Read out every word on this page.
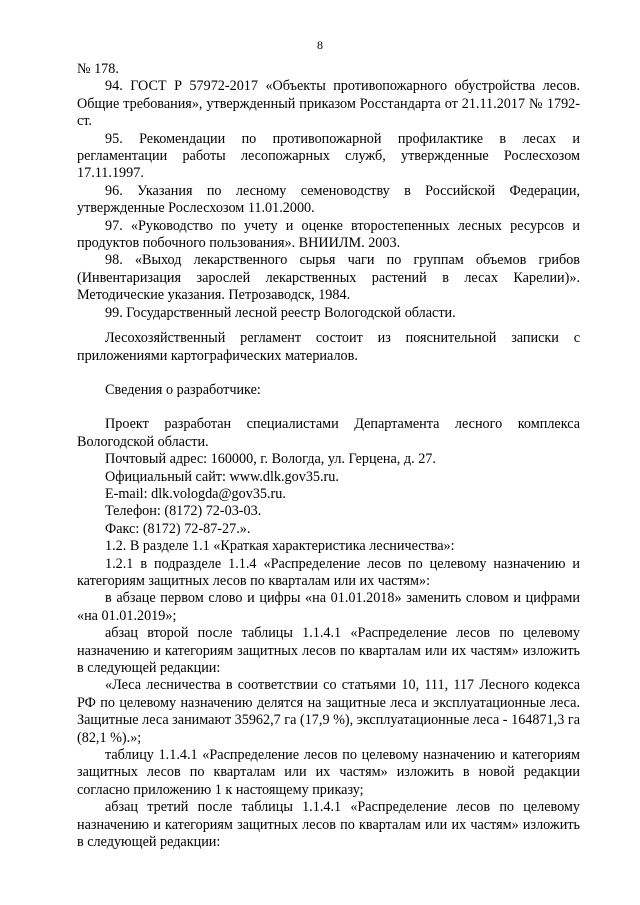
8

№ 178.

94. ГОСТ Р 57972-2017 «Объекты противопожарного обустройства лесов. Общие требования», утвержденный приказом Росстандарта от 21.11.2017 № 1792-ст.

95. Рекомендации по противопожарной профилактике в лесах и регламентации работы лесопожарных служб, утвержденные Рослесхозом 17.11.1997.

96. Указания по лесному семеноводству в Российской Федерации, утвержденные Рослесхозом 11.01.2000.

97. «Руководство по учету и оценке второстепенных лесных ресурсов и продуктов побочного пользования». ВНИИЛМ. 2003.

98. «Выход лекарственного сырья чаги по группам объемов грибов (Инвентаризация зарослей лекарственных растений в лесах Карелии)». Методические указания. Петрозаводск, 1984.

99. Государственный лесной реестр Вологодской области.

Лесохозяйственный регламент состоит из пояснительной записки с приложениями картографических материалов.

Сведения о разработчике:

Проект разработан специалистами Департамента лесного комплекса Вологодской области.

Почтовый адрес: 160000, г. Вологда, ул. Герцена, д. 27.

Официальный сайт: www.dlk.gov35.ru.

E-mail: dlk.vologda@gov35.ru.

Телефон: (8172) 72-03-03.

Факс: (8172) 72-87-27.».

1.2. В разделе 1.1 «Краткая характеристика лесничества»:

1.2.1 в подразделе 1.1.4 «Распределение лесов по целевому назначению и категориям защитных лесов по кварталам или их частям»:

в абзаце первом слово и цифры «на 01.01.2018» заменить словом и цифрами «на 01.01.2019»;

абзац второй после таблицы 1.1.4.1 «Распределение лесов по целевому назначению и категориям защитных лесов по кварталам или их частям» изложить в следующей редакции:

«Леса лесничества в соответствии со статьями 10, 111, 117 Лесного кодекса РФ по целевому назначению делятся на защитные леса и эксплуатационные леса. Защитные леса занимают 35962,7 га (17,9 %), эксплуатационные леса - 164871,3 га (82,1 %).»;

таблицу 1.1.4.1 «Распределение лесов по целевому назначению и категориям защитных лесов по кварталам или их частям» изложить в новой редакции согласно приложению 1 к настоящему приказу;

абзац третий после таблицы 1.1.4.1 «Распределение лесов по целевому назначению и категориям защитных лесов по кварталам или их частям» изложить в следующей редакции:
